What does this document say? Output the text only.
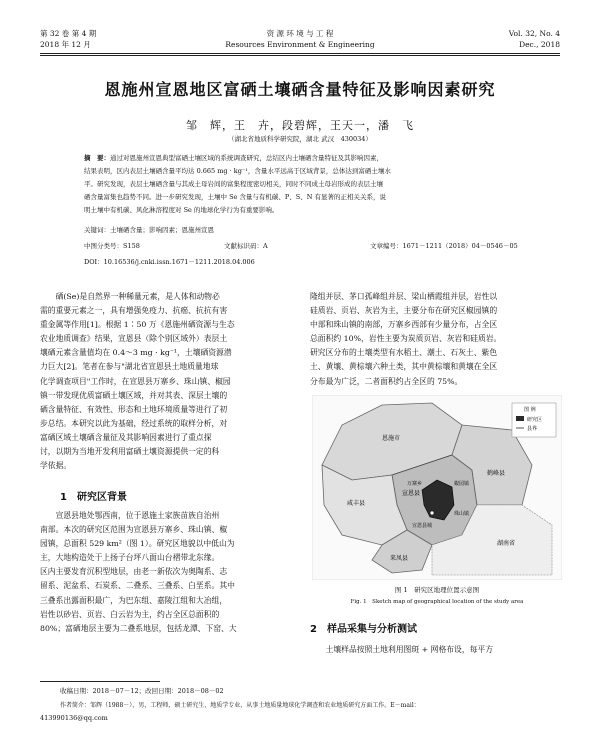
第 32 卷 第 4 期
2018 年 12 月
资 源 环 境 与 工 程
Resources Environment & Engineering
Vol. 32, No. 4
Dec., 2018
恩施州宣恩地区富硒土壤硒含量特征及影响因素研究
邹　辉，王　卉，段碧辉，王天一，潘　飞
（湖北省地质科学研究院，湖北 武汉　430034）
摘　要：通过对恩施州宣恩典型富硒土壤区域的系统调查研究，总结区内土壤硒含量特征及其影响因素，
结果表明，区内表层土壤硒含量平均达 0.665 mg · kg⁻¹，含量水平远高于区域背景，总体达到富硒土壤水
平。研究发现，表层土壤硒含量与其成土母岩间的富集程度密切相关，同时不同成土母岩形成的表层土壤
硒含量富集也趋势不同。进一步研究发现，土壤中 Se 含量与有机碳、P、S、N 有显著的正相关关系，说
明土壤中有机碳、风化淋溶程度对 Se 的地球化学行为有重要影响。
关键词：土壤硒含量；影响因素；恩施州宣恩
中图分类号：S158	文献标识码：A	文章编号：1671－1211（2018）04－0546－05
DOI：10.16536/j.cnki.issn.1671－1211.2018.04.006
　　硒(Se)是自然界一种稀量元素，是人体和动物必
需的重要元素之一，具有增强免疫力、抗癌、抗抗有害
重金属等作用[1]。根据 1∶50 万《恩施州硒资源与生态
农业地质调查》结果，宣恩县（除个别区域外）表层土
壤硒元素含量值均在 0.4～3 mg · kg⁻¹，土壤硒资源潜
力巨大[2]。笔者在参与"湖北省宣恩县土地质量地球
化学调查项目"工作时，在宣恩县万寨乡、珠山镇、椒园
镇一带发现优质富硒土壤区域，并对其表、深层土壤的
硒含量特征、有效性、形态和土地环境质量等进行了初
步总结。本研究以此为基础，经过系统的取样分析，对
富硒区域土壤硒含量征及其影响因素进行了重点探
讨，以期为当地开发利用富硒土壤资源提供一定的科
学依据。
1　研究区背景
　　宣恩县地处鄂西南，位于恩施土家族苗族自治州
南部。本次的研究区范围为宣恩县万寨乡、珠山镇、椒
园镇，总面积 529 km²（图 1）。研究区地貌以中低山为
主，大地构造处于上扬子台坪八面山台褶带北东缘。
区内主要发育沉积型地层，由老一新依次为奥陶系、志
留系、泥盆系、石炭系、二叠系、三叠系、白垩系。其中
三叠系出露面积最广，为巴东组、嘉陵江组和大冶组，
岩性以砂岩、页岩、白云岩为主，约占全区总面积的
80%；富硒地层主要为二叠系地层，包括龙潭、下窑、大
隆组并层、茅口孤峰组并层、梁山栖霞组并层，岩性以
硅质岩、页岩、灰岩为主，主要分布在研究区椒园镇的
中部和珠山镇的南部，万寨乡西部有少量分布，占全区
总面积约 10%，岩性主要为炭质页岩、灰岩和硅质岩。
研究区分布的土壤类型有水稻土、潮土、石灰土、紫色
土、黄壤、黄棕壤六种土类，其中黄棕壤和黄壤在全区
分布最为广泛，二者面积约占全区的 75%。
恩施市
咸丰县
宣恩县
来凤县
鹤峰县
湖南省
宣恩县城
椒园镇
珠山镇
万寨乡
图 例
研究区
县界
图 1　研究区地理位置示意图
Fig. 1　Sketch map of geographical location of the study area
2　样品采集与分析测试
　　土壤样品按照土地利用图斑 + 网格布设，每平方
收稿日期：2018－07－12；改回日期：2018－08－02
作者简介：邹辉（1988－），男，工程师，硕士研究生，地质学专业，从事土地质量地球化学调查和农业地质研究方面工作。E－mail：
413990136@qq.com
